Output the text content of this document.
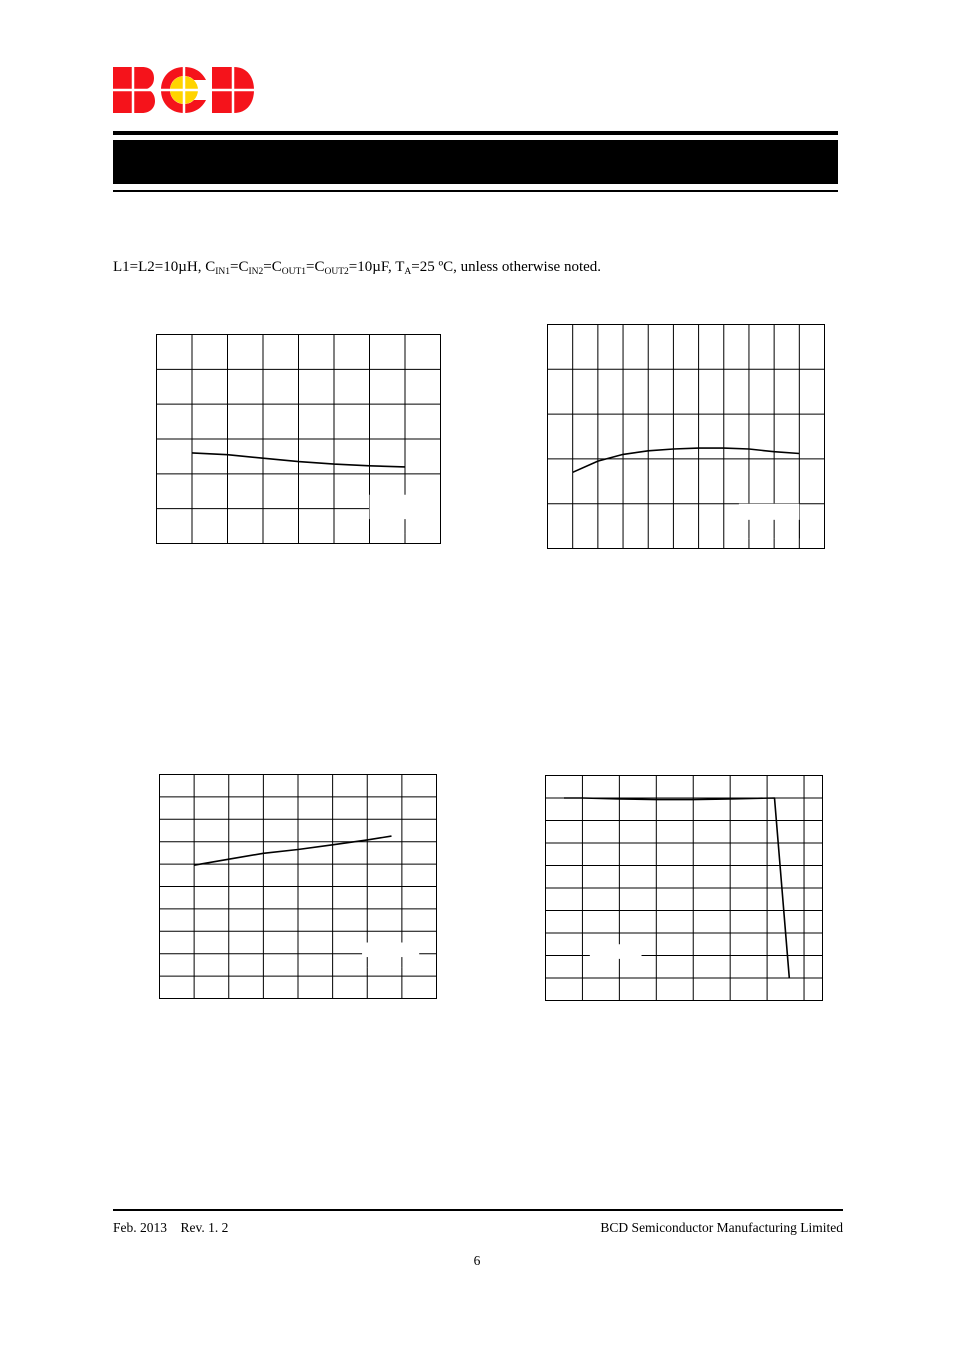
L1=L2=10µH, $C_{IN1}=C_{IN2}=C_{OUT1}=C_{OUT2}=10\mu F$, $T_A=25$ ºC, unless otherwise noted.
Feb. 2013    Rev. 1. 2	BCD Semiconductor Manufacturing Limited
6
